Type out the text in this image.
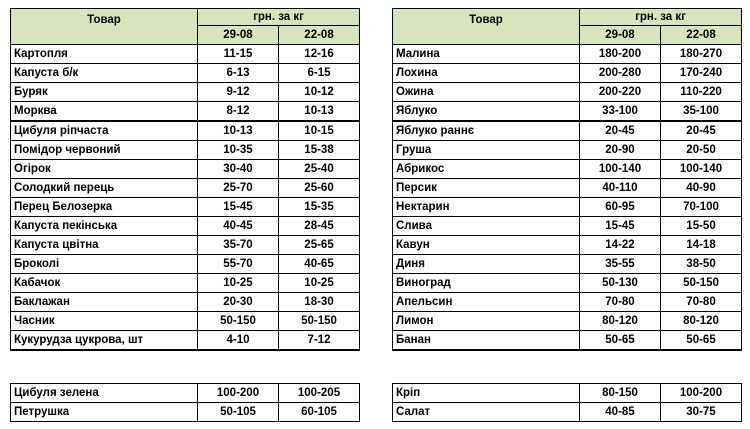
Товар	грн. за кг	
	29-08	22-08
Картопля	11-15	12-16
Капуста б/к	6-13	6-15
Буряк	9-12	10-12
Морква	8-12	10-13
Цибуля ріпчаста	10-13	10-15
Помідор червоний	10-35	15-38
Огірок	30-40	25-40
Солодкий перець	25-70	25-60
Перец Белозерка	15-45	15-35
Капуста пекінська	40-45	28-45
Капуста цвітна	35-70	25-65
Броколі	55-70	40-65
Кабачок	10-25	10-25
Баклажан	20-30	18-30
Часник	50-150	50-150
Кукурудза цукрова, шт	4-10	7-12
Цибуля зелена	100-200	100-205
Петрушка	50-105	60-105
Товар	грн. за кг	
	29-08	22-08
Малина	180-200	180-270
Лохина	200-280	170-240
Ожина	200-220	110-220
Яблуко	33-100	35-100
Яблуко раннє	20-45	20-45
Груша	20-90	20-50
Абрикос	100-140	100-140
Персик	40-110	40-90
Нектарин	60-95	70-100
Слива	15-45	15-50
Кавун	14-22	14-18
Диня	35-55	38-50
Виноград	50-130	50-150
Апельсин	70-80	70-80
Лимон	80-120	80-120
Банан	50-65	50-65
Кріп	80-150	100-200
Салат	40-85	30-75
